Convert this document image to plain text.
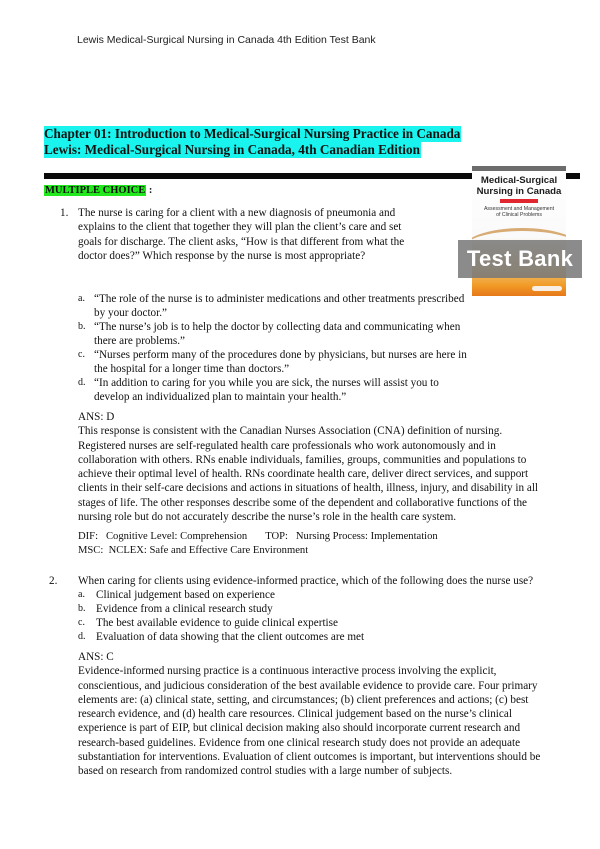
Lewis Medical-Surgical Nursing in Canada 4th Edition Test Bank
Chapter 01: Introduction to Medical-Surgical Nursing Practice in Canada
Lewis: Medical-Surgical Nursing in Canada, 4th Canadian Edition
MULTIPLE CHOICE :
Medical-Surgical
Nursing in Canada
Assessment and Management
of Clinical Problems
Test Bank
1. The nurse is caring for a client with a new diagnosis of pneumonia and
explains to the client that together they will plan the client’s care and set
goals for discharge. The client asks, “How is that different from what the
doctor does?” Which response by the nurse is most appropriate?
a. “The role of the nurse is to administer medications and other treatments prescribed
by your doctor.”
b. “The nurse’s job is to help the doctor by collecting data and communicating when
there are problems.”
c. “Nurses perform many of the procedures done by physicians, but nurses are here in
the hospital for a longer time than doctors.”
d. “In addition to caring for you while you are sick, the nurses will assist you to
develop an individualized plan to maintain your health.”
ANS: D
This response is consistent with the Canadian Nurses Association (CNA) definition of nursing.
Registered nurses are self-regulated health care professionals who work autonomously and in
collaboration with others. RNs enable individuals, families, groups, communities and populations to
achieve their optimal level of health. RNs coordinate health care, deliver direct services, and support
clients in their self-care decisions and actions in situations of health, illness, injury, and disability in all
stages of life. The other responses describe some of the dependent and collaborative functions of the
nursing role but do not accurately describe the nurse’s role in the health care system.
DIF:   Cognitive Level: Comprehension TOP:   Nursing Process: Implementation
MSC:  NCLEX: Safe and Effective Care Environment
2. When caring for clients using evidence-informed practice, which of the following does the nurse use?
a. Clinical judgement based on experience
b. Evidence from a clinical research study
c. The best available evidence to guide clinical expertise
d. Evaluation of data showing that the client outcomes are met
ANS: C
Evidence-informed nursing practice is a continuous interactive process involving the explicit,
conscientious, and judicious consideration of the best available evidence to provide care. Four primary
elements are: (a) clinical state, setting, and circumstances; (b) client preferences and actions; (c) best
research evidence, and (d) health care resources. Clinical judgement based on the nurse’s clinical
experience is part of EIP, but clinical decision making also should incorporate current research and
research-based guidelines. Evidence from one clinical research study does not provide an adequate
substantiation for interventions. Evaluation of client outcomes is important, but interventions should be
based on research from randomized control studies with a large number of subjects.
